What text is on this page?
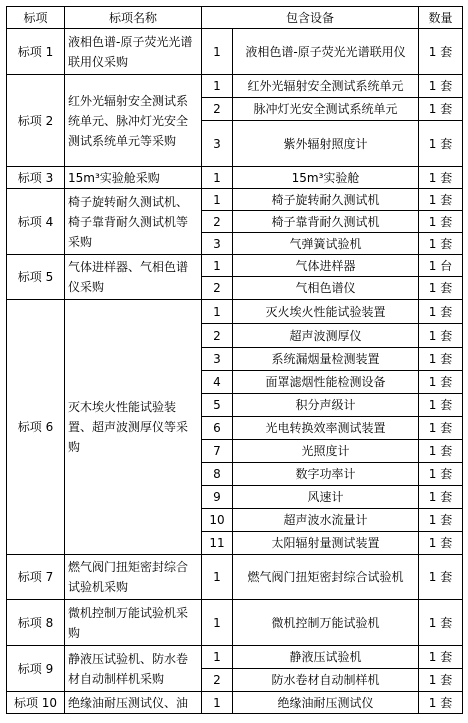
标项	标项名称	包含设备		数量
标项 1	液相色谱-原子荧光光谱联用仪采购	1	液相色谱-原子荧光光谱联用仪	1 套
标项 2	红外光辐射安全测试系统单元、脉冲灯光安全测试系统单元等采购	1	红外光辐射安全测试系统单元	1 套
		2	脉冲灯光安全测试系统单元	1 套
		3	紫外辐射照度计	1 套
标项 3	15m³实验舱采购	1	15m³实验舱	1 套
标项 4	椅子旋转耐久测试机、椅子靠背耐久测试机等采购	1	椅子旋转耐久测试机	1 套
		2	椅子靠背耐久测试机	1 套
		3	气弹簧试验机	1 套
标项 5	气体进样器、气相色谱仪采购	1	气体进样器	1 台
		2	气相色谱仪	1 套
标项 6	灭木埃火性能试验装置、超声波测厚仪等采购	1	灭火埃火性能试验装置	1 套
		2	超声波测厚仪	1 套
		3	系统漏烟量检测装置	1 套
		4	面罩滤烟性能检测设备	1 套
		5	积分声级计	1 套
		6	光电转换效率测试装置	1 套
		7	光照度计	1 套
		8	数字功率计	1 套
		9	风速计	1 套
		10	超声波水流量计	1 套
		11	太阳辐射量测试装置	1 套
标项 7	燃气阀门扭矩密封综合试验机采购	1	燃气阀门扭矩密封综合试验机	1 套
标项 8	微机控制万能试验机采购	1	微机控制万能试验机	1 套
标项 9	静液压试验机、防水卷材自动制样机采购	1	静液压试验机	1 套
		2	防水卷材自动制样机	1 套
标项 10	绝缘油耐压测试仪、油	1	绝缘油耐压测试仪	1 套
